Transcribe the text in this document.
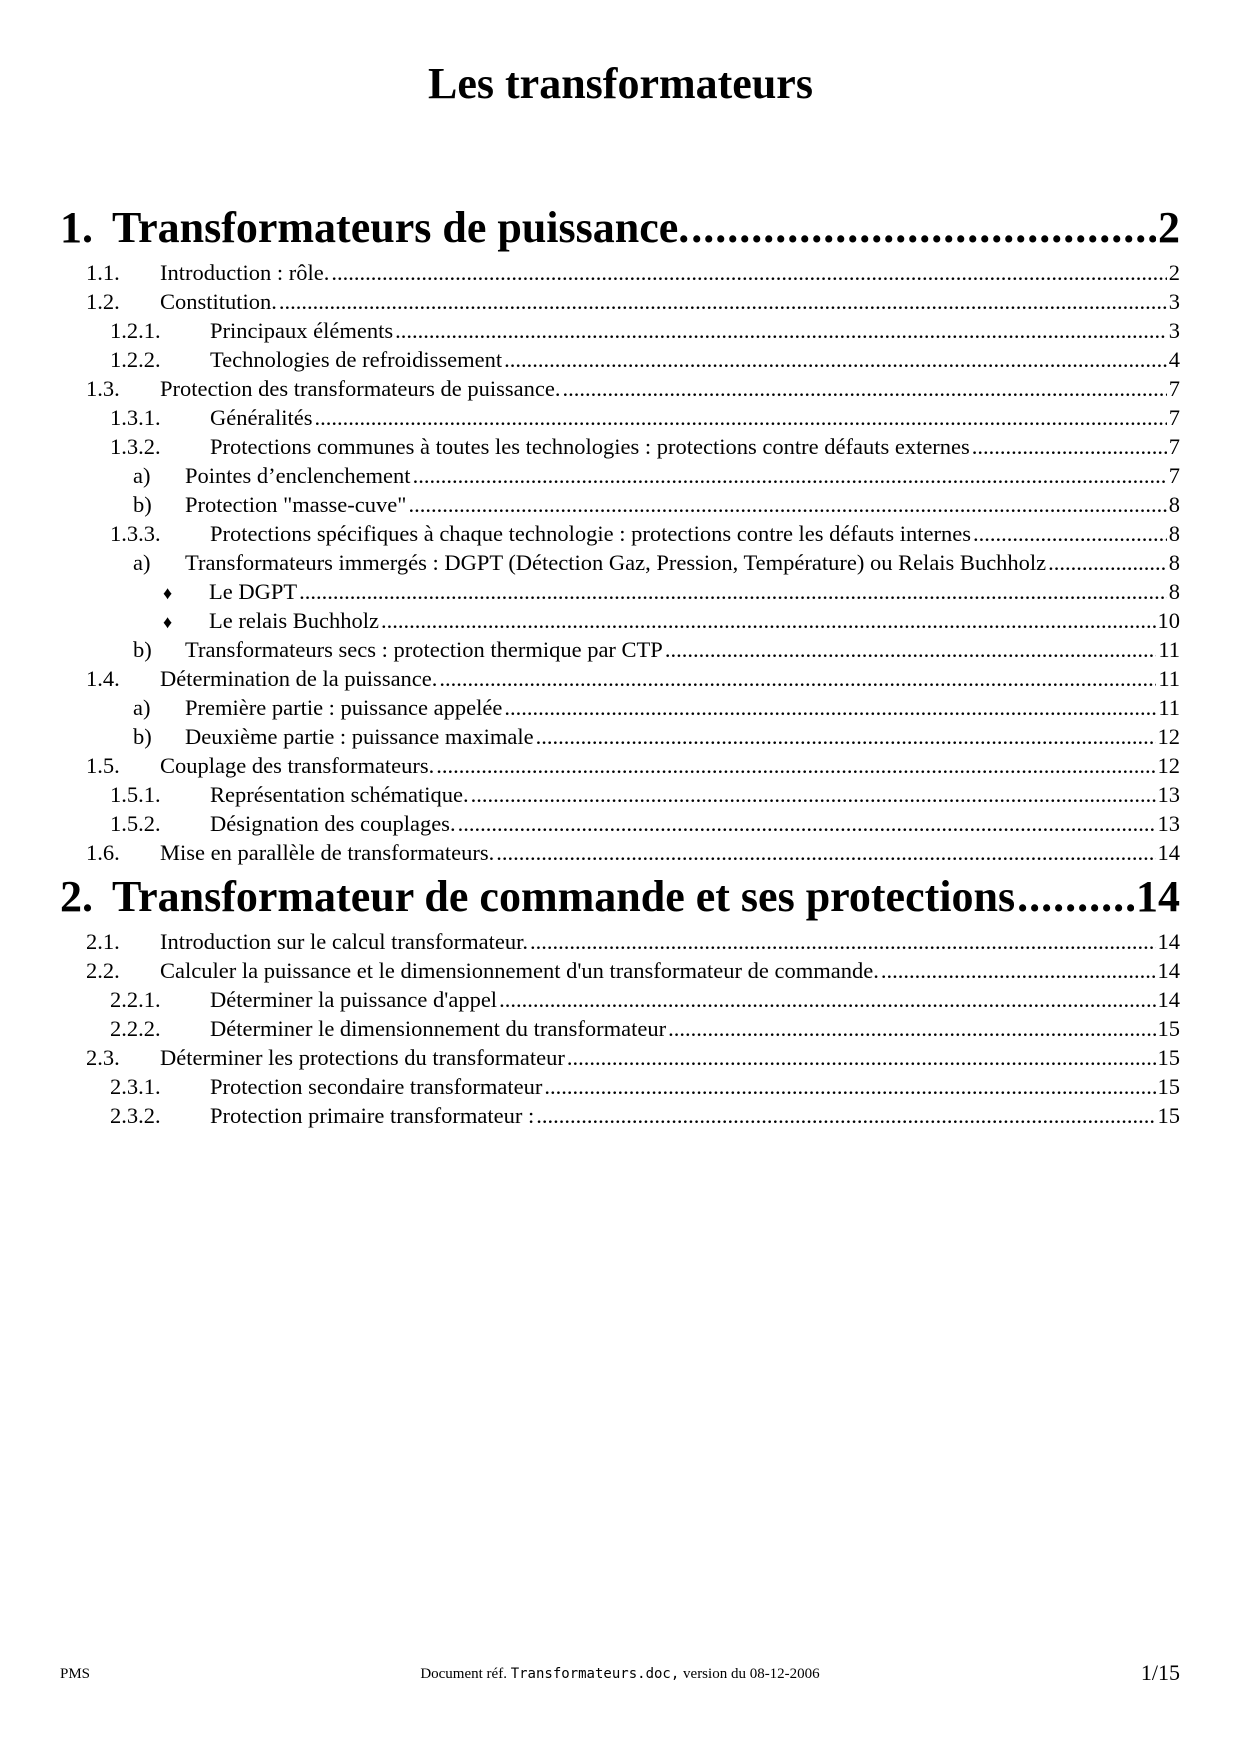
Les transformateurs
1. Transformateurs de puissance. .....	2
1.1.	Introduction : rôle. .....	2
1.2.	Constitution. .....	3
1.2.1.	Principaux éléments .....	3
1.2.2.	Technologies de refroidissement .....	4
1.3.	Protection des transformateurs de puissance. .....	7
1.3.1.	Généralités .....	7
1.3.2.	Protections communes à toutes les technologies : protections contre défauts externes .....	7
a)	Pointes d’enclenchement .....	7
b)	Protection "masse-cuve" .....	8
1.3.3.	Protections spécifiques à chaque technologie : protections contre les défauts internes .....	8
a)	Transformateurs immergés : DGPT (Détection Gaz, Pression, Température) ou Relais Buchholz .....	8
♦	Le DGPT .....	8
♦	Le relais Buchholz .....	10
b)	Transformateurs secs : protection thermique par CTP .....	11
1.4.	Détermination de la puissance. .....	11
a)	Première partie : puissance appelée .....	11
b)	Deuxième partie : puissance maximale .....	12
1.5.	Couplage des transformateurs. .....	12
1.5.1.	Représentation schématique. .....	13
1.5.2.	Désignation des couplages. .....	13
1.6.	Mise en parallèle de transformateurs. .....	14
2. Transformateur de commande et ses protections .....	14
2.1.	Introduction sur le calcul transformateur. .....	14
2.2.	Calculer la puissance et le dimensionnement d'un transformateur de commande. .....	14
2.2.1.	Déterminer la puissance d'appel .....	14
2.2.2.	Déterminer le dimensionnement du transformateur .....	15
2.3.	Déterminer les protections du transformateur .....	15
2.3.1.	Protection secondaire transformateur .....	15
2.3.2.	Protection primaire transformateur : .....	15
PMS	Document réf. Transformateurs.doc, version du 08-12-2006	1/15
